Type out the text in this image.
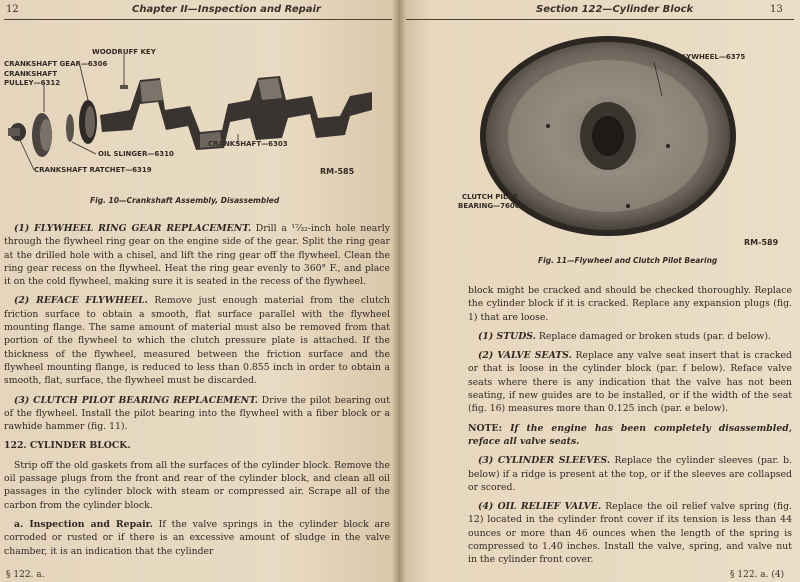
12	Chapter II—Inspection and Repair
WOODRUFF KEY
CRANKSHAFT GEAR—6306
CRANKSHAFT
PULLEY—6312
OIL SLINGER—6310
CRANKSHAFT—6303
CRANKSHAFT RATCHET—6319	RM-585
Fig. 10—Crankshaft Assembly, Disassembled

(1) FLYWHEEL RING GEAR REPLACEMENT. Drill a ¹⁷⁄₃₂-inch hole nearly through the flywheel ring gear on the engine side of the gear. Split the ring gear at the drilled hole with a chisel, and lift the ring gear off the flywheel. Clean the ring gear recess on the flywheel. Heat the ring gear evenly to 360° F., and place it on the cold flywheel, making sure it is seated in the recess of the flywheel.

(2) REFACE FLYWHEEL. Remove just enough material from the clutch friction surface to obtain a smooth, flat surface parallel with the flywheel mounting flange. The same amount of material must also be removed from that portion of the flywheel to which the clutch pressure plate is attached. If the thickness of the flywheel, measured between the friction surface and the flywheel mounting flange, is reduced to less than 0.855 inch in order to obtain a smooth, flat, surface, the flywheel must be discarded.

(3) CLUTCH PILOT BEARING REPLACEMENT. Drive the pilot bearing out of the flywheel. Install the pilot bearing into the flywheel with a fiber block or a rawhide hammer (fig. 11).

122. CYLINDER BLOCK.

Strip off the old gaskets from all the surfaces of the cylinder block. Remove the oil passage plugs from the front and rear of the cylinder block, and clean all oil passages in the cylinder block with steam or compressed air. Scrape all of the carbon from the cylinder block.

a. Inspection and Repair. If the valve springs in the cylinder block are corroded or rusted or if there is an excessive amount of sludge in the valve chamber, it is an indication that the cylinder

§ 122. a.
Section 122—Cylinder Block	13
FLYWHEEL—6375
CLUTCH PILOT
BEARING—7600
RM-589
Fig. 11—Flywheel and Clutch Pilot Bearing

block might be cracked and should be checked thoroughly. Replace the cylinder block if it is cracked. Replace any expansion plugs (fig. 1) that are loose.

(1) STUDS. Replace damaged or broken studs (par. d below).

(2) VALVE SEATS. Replace any valve seat insert that is cracked or that is loose in the cylinder block (par. f below). Reface valve seats where there is any indication that the valve has not been seating, if new guides are to be installed, or if the width of the seat (fig. 16) measures more than 0.125 inch (par. e below).

NOTE: If the engine has been completely disassembled, reface all valve seats.

(3) CYLINDER SLEEVES. Replace the cylinder sleeves (par. b. below) if a ridge is present at the top, or if the sleeves are collapsed or scored.

(4) OIL RELIEF VALVE. Replace the oil relief valve spring (fig. 12) located in the cylinder front cover if its tension is less than 44 ounces or more than 46 ounces when the length of the spring is compressed to 1.40 inches. Install the valve, spring, and valve nut in the cylinder front cover.

§ 122. a. (4)
